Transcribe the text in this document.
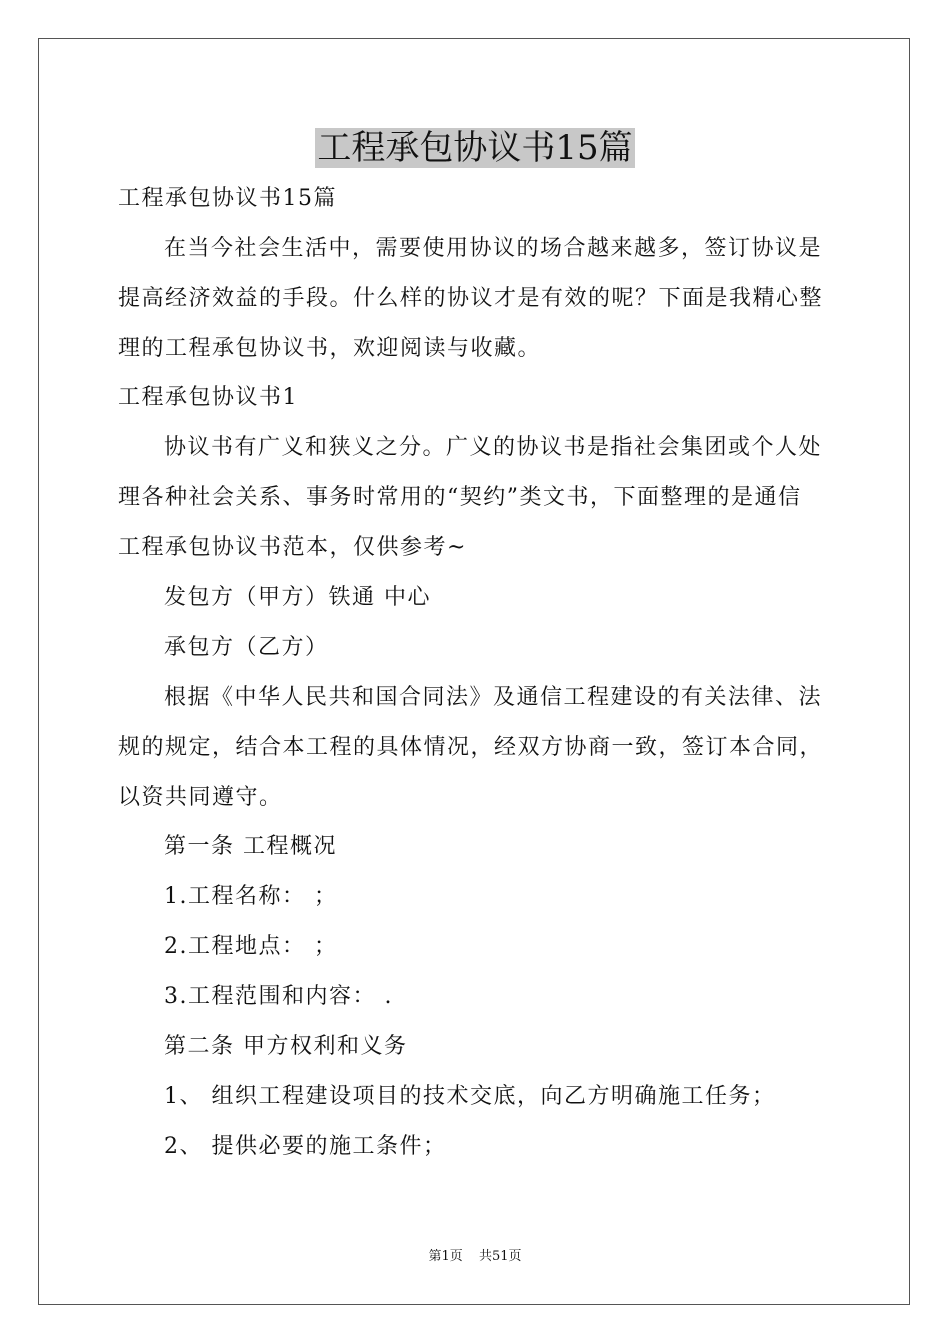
工程承包协议书15篇
工程承包协议书15篇
在当今社会生活中，需要使用协议的场合越来越多，签订协议是
提高经济效益的手段。什么样的协议才是有效的呢？下面是我精心整
理的工程承包协议书，欢迎阅读与收藏。
工程承包协议书1
协议书有广义和狭义之分。广义的协议书是指社会集团或个人处
理各种社会关系、事务时常用的“契约”类文书，下面整理的是通信
工程承包协议书范本，仅供参考~
发包方（甲方）铁通 中心
承包方（乙方）
根据《中华人民共和国合同法》及通信工程建设的有关法律、法
规的规定，结合本工程的具体情况，经双方协商一致，签订本合同，
以资共同遵守。
第一条 工程概况
1.工程名称： ；
2.工程地点： ；
3.工程范围和内容： .
第二条 甲方权利和义务
1、 组织工程建设项目的技术交底，向乙方明确施工任务；
2、 提供必要的施工条件；
第1页 共51页
